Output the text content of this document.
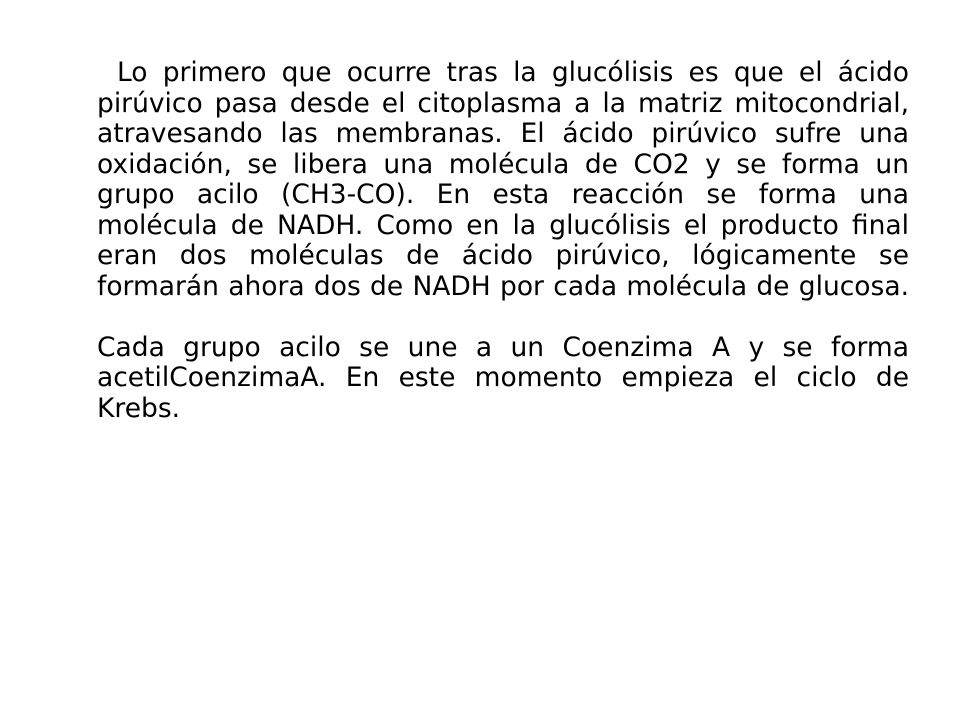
Lo primero que ocurre tras la glucólisis es que el ácido pirúvico pasa desde el citoplasma a la matriz mitocondrial, atravesando las membranas. El ácido pirúvico sufre una oxidación, se libera una molécula de CO2 y se forma un grupo acilo (CH3-CO). En esta reacción se forma una molécula de NADH. Como en la glucólisis el producto final eran dos moléculas de ácido pirúvico, lógicamente se formarán ahora dos de NADH por cada molécula de glucosa.

Cada grupo acilo se une a un Coenzima A y se forma acetilCoenzimaA. En este momento empieza el ciclo de Krebs.
